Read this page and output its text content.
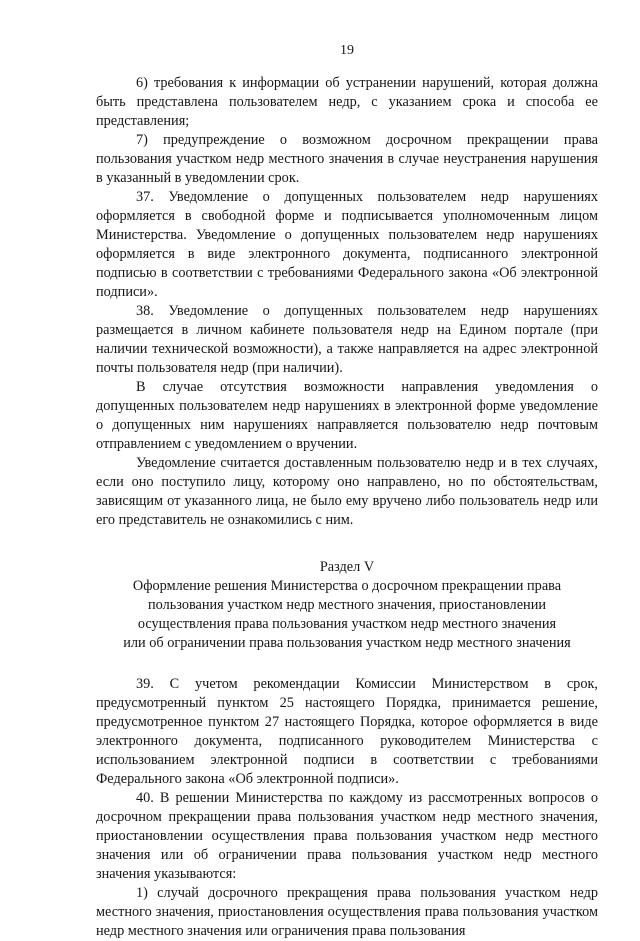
19

6) требования к информации об устранении нарушений, которая должна быть представлена пользователем недр, с указанием срока и способа ее представления;

7) предупреждение о возможном досрочном прекращении права пользования участком недр местного значения в случае неустранения нарушения в указанный в уведомлении срок.

37. Уведомление о допущенных пользователем недр нарушениях оформляется в свободной форме и подписывается уполномоченным лицом Министерства. Уведомление о допущенных пользователем недр нарушениях оформляется в виде электронного документа, подписанного электронной подписью в соответствии с требованиями Федерального закона «Об электронной подписи».

38. Уведомление о допущенных пользователем недр нарушениях размещается в личном кабинете пользователя недр на Едином портале (при наличии технической возможности), а также направляется на адрес электронной почты пользователя недр (при наличии).

В случае отсутствия возможности направления уведомления о допущенных пользователем недр нарушениях в электронной форме уведомление о допущенных ним нарушениях направляется пользователю недр почтовым отправлением с уведомлением о вручении.

Уведомление считается доставленным пользователю недр и в тех случаях, если оно поступило лицу, которому оно направлено, но по обстоятельствам, зависящим от указанного лица, не было ему вручено либо пользователь недр или его представитель не ознакомились с ним.

Раздел V
Оформление решения Министерства о досрочном прекращении права
пользования участком недр местного значения, приостановлении
осуществления права пользования участком недр местного значения
или об ограничении права пользования участком недр местного значения

39. С учетом рекомендации Комиссии Министерством в срок, предусмотренный пунктом 25 настоящего Порядка, принимается решение, предусмотренное пунктом 27 настоящего Порядка, которое оформляется в виде электронного документа, подписанного руководителем Министерства с использованием электронной подписи в соответствии с требованиями Федерального закона «Об электронной подписи».

40. В решении Министерства по каждому из рассмотренных вопросов о досрочном прекращении права пользования участком недр местного значения, приостановлении осуществления права пользования участком недр местного значения или об ограничении права пользования участком недр местного значения указываются:

1) случай досрочного прекращения права пользования участком недр местного значения, приостановления осуществления права пользования участком недр местного значения или ограничения права пользования
